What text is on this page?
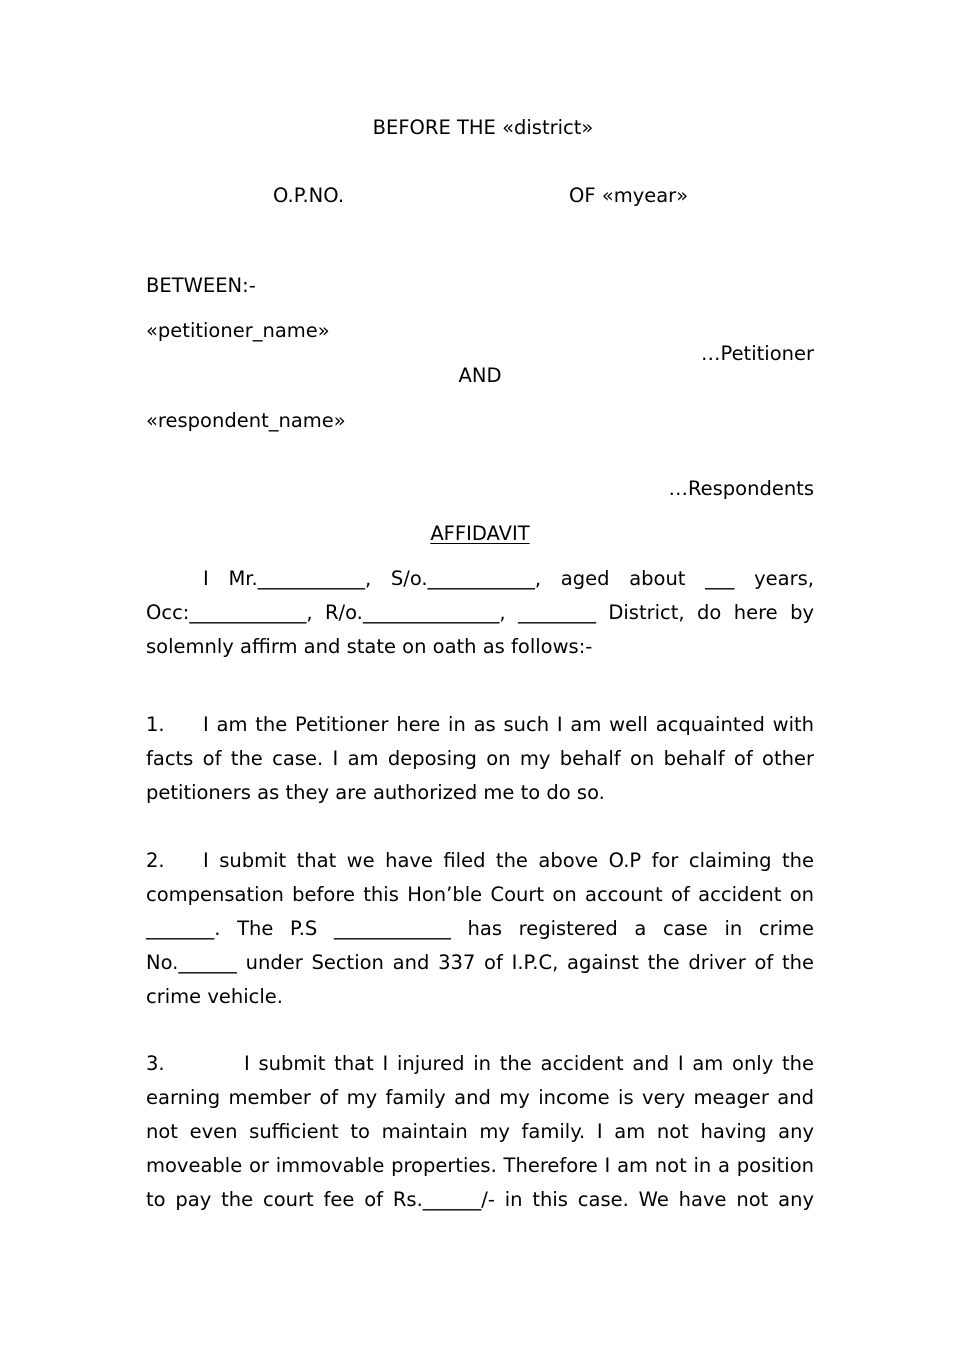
BEFORE THE «district»
O.P.NO.	OF «myear»
BETWEEN:-
«petitioner_name»
…Petitioner
AND
«respondent_name»
…Respondents
AFFIDAVIT
I Mr.___________, S/o.___________, aged about ___ years,
Occ:____________, R/o.______________, ________ District, do here by
solemnly affirm and state on oath as follows:-
1. I am the Petitioner here in as such I am well acquainted with
facts of the case. I am deposing on my behalf on behalf of other
petitioners as they are authorized me to do so.
2. I submit that we have filed the above O.P for claiming the
compensation before this Hon’ble Court on account of accident on
_______. The P.S ____________ has registered a case in crime
No.______ under Section and 337 of I.P.C, against the driver of the
crime vehicle.
3.	I submit that I injured in the accident and I am only the
earning member of my family and my income is very meager and
not even sufficient to maintain my family. I am not having any
moveable or immovable properties. Therefore I am not in a position
to pay the court fee of Rs.______/- in this case. We have not any
